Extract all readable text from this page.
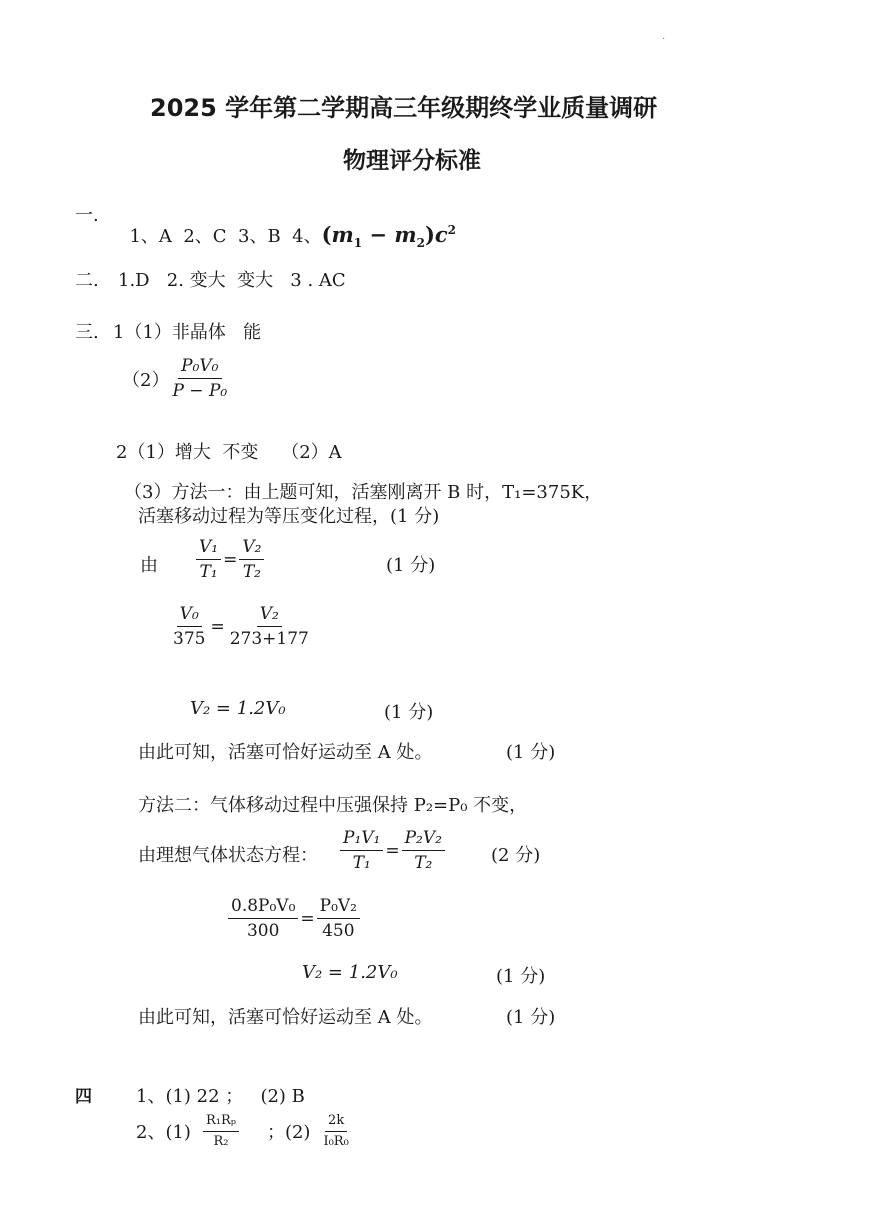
·
2025 学年第二学期高三年级期终学业质量调研
物理评分标准
一.

1、A  2、C  3、B  4、$(m_1 - m_2)c^2$

二. 1.D   2. 变大  变大   3 . AC
三. 1（1）非晶体   能
$(2) \frac{\text{P₀V₀}}{\text{P − P₀}}$
2（1）增大  不变    （2）A
（3）方法一：由上题可知，活塞刚离开 B 时，T₁=375K，
活塞移动过程为等压变化过程，(1 分)
由 $\frac{\text{V₁}}{\text{T₁}} = \frac{\text{V₂}}{\text{T₂}}$	(1 分)
$\frac{\text{V₀}}{375} = \frac{\text{V₂}}{273+177}$
V₂ = 1.2V₀	(1 分)
由此可知，活塞可恰好运动至 A 处。	(1 分)
方法二：气体移动过程中压强保持 P₂=P₀ 不变，
由理想气体状态方程： $\frac{\text{P₁V₁}}{\text{T₁}} = \frac{\text{P₂V₂}}{\text{T₂}}$	(2 分)
$\frac{\text{0.8P₀V₀}}{300} = \frac{\text{P₀V₂}}{450}$
V₂ = 1.2V₀	(1 分)
由此可知，活塞可恰好运动至 A 处。	(1 分)
四 1、(1) 22 ；   (2) B
2、$(1) \frac{\text{R₁Rₚ}}{\text{R₂}}$ ；$(2) \frac{2k}{\text{I₀R₀}}$
